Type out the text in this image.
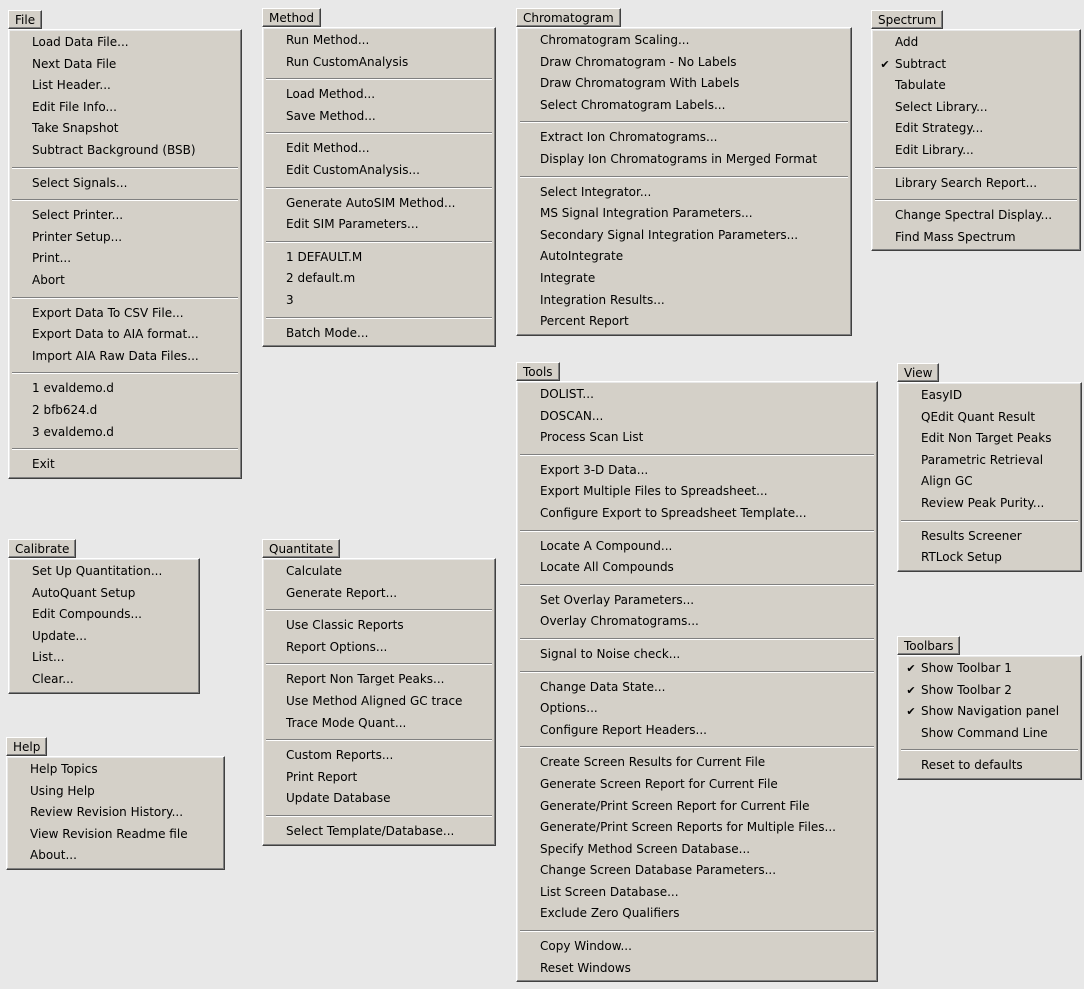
File
Load Data File...
Next Data File
List Header...
Edit File Info...
Take Snapshot
Subtract Background (BSB)
Select Signals...
Select Printer...
Printer Setup...
Print...
Abort
Export Data To CSV File...
Export Data to AIA format...
Import AIA Raw Data Files...
1 evaldemo.d
2 bfb624.d
3 evaldemo.d
Exit
Method
Run Method...
Run CustomAnalysis
Load Method...
Save Method...
Edit Method...
Edit CustomAnalysis...
Generate AutoSIM Method...
Edit SIM Parameters...
1 DEFAULT.M
2 default.m
3
Batch Mode...
Chromatogram
Chromatogram Scaling...
Draw Chromatogram - No Labels
Draw Chromatogram With Labels
Select Chromatogram Labels...
Extract Ion Chromatograms...
Display Ion Chromatograms in Merged Format
Select Integrator...
MS Signal Integration Parameters...
Secondary Signal Integration Parameters...
AutoIntegrate
Integrate
Integration Results...
Percent Report
Spectrum
Add
✔ Subtract
Tabulate
Select Library...
Edit Strategy...
Edit Library...
Library Search Report...
Change Spectral Display...
Find Mass Spectrum
Tools
DOLIST...
DOSCAN...
Process Scan List
Export 3-D Data...
Export Multiple Files to Spreadsheet...
Configure Export to Spreadsheet Template...
Locate A Compound...
Locate All Compounds
Set Overlay Parameters...
Overlay Chromatograms...
Signal to Noise check...
Change Data State...
Options...
Configure Report Headers...
Create Screen Results for Current File
Generate Screen Report for Current File
Generate/Print Screen Report for Current File
Generate/Print Screen Reports for Multiple Files...
Specify Method Screen Database...
Change Screen Database Parameters...
List Screen Database...
Exclude Zero Qualifiers
Copy Window...
Reset Windows
View
EasyID
QEdit Quant Result
Edit Non Target Peaks
Parametric Retrieval
Align GC
Review Peak Purity...
Results Screener
RTLock Setup
Toolbars
✔ Show Toolbar 1
✔ Show Toolbar 2
✔ Show Navigation panel
Show Command Line
Reset to defaults
Calibrate
Set Up Quantitation...
AutoQuant Setup
Edit Compounds...
Update...
List...
Clear...
Quantitate
Calculate
Generate Report...
Use Classic Reports
Report Options...
Report Non Target Peaks...
Use Method Aligned GC trace
Trace Mode Quant...
Custom Reports...
Print Report
Update Database
Select Template/Database...
Help
Help Topics
Using Help
Review Revision History...
View Revision Readme file
About...
